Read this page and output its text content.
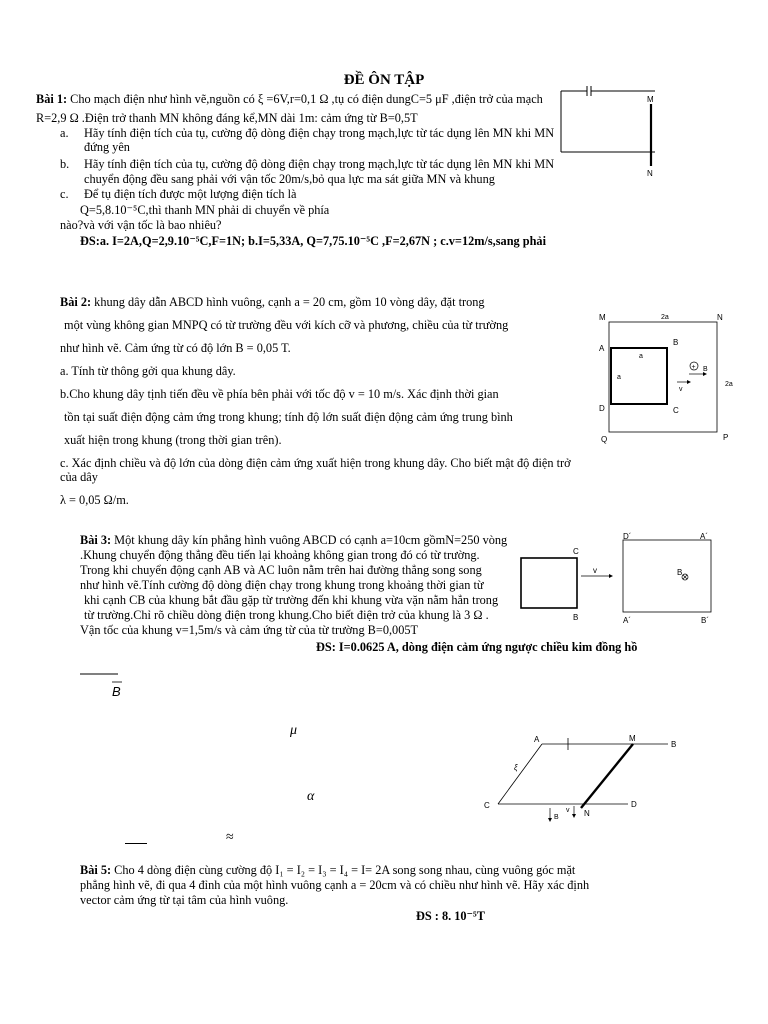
ĐỀ ÔN TẬP
Bài 1: Cho mạch điện như hình vẽ,nguồn có ξ =6V,r=0,1 Ω ,tụ có điện dungC=5 μF ,điện trở của mạch
R=2,9 Ω .Điện trở thanh MN không đáng kể,MN dài 1m: cảm ứng từ B=0,5T
a. Hãy tính điện tích của tụ, cường độ dòng điện chạy trong mạch,lực từ tác dụng lên MN khi MN
đứng yên
b. Hãy tính điện tích của tụ, cường độ dòng điện chạy trong mạch,lực từ tác dụng lên MN khi MN
chuyển động đều sang phải với vận tốc 20m/s,bỏ qua lực ma sát giữa MN và khung
c. Để tụ điện tích được một lượng điện tích là
Q=5,8.10⁻⁵C,thì thanh MN phải di chuyển về phía
nào?và với vận tốc là bao nhiêu?
ĐS:a. I=2A,Q=2,9.10⁻⁵C,F=1N; b.I=5,33A, Q=7,75.10⁻⁵C ,F=2,67N ; c.v=12m/s,sang phải
M
N
Bài 2: khung dây dẫn ABCD hình vuông, cạnh a = 20 cm, gồm 10 vòng dây, đặt trong
một vùng không gian MNPQ có từ trường đều với kích cỡ và phương, chiều của từ trường
như hình vẽ. Cảm ứng từ có độ lớn B = 0,05 T.
a. Tính từ thông gởi qua khung dây.
b.Cho khung dây tịnh tiến đều về phía bên phải với tốc độ v = 10 m/s. Xác định thời gian
tồn tại suất điện động cảm ứng trong khung; tính độ lớn suất điện động cảm ứng trung bình
xuất hiện trong khung (trong thời gian trên).
c. Xác định chiều và độ lớn của dòng điện cảm ứng xuất hiện trong khung dây. Cho biết mật độ điện trở
của dây
λ = 0,05 Ω/m.
M	N
P
Q
2a
2a
A
B
C
D
a
a
+ B
v
Bài 3: Một khung dây kín phẳng hình vuông ABCD có cạnh a=10cm gồmN=250 vòng
.Khung chuyển động thẳng đều tiến lại khoảng không gian trong đó có từ trường.
Trong khi chuyển động cạnh AB và AC luôn nằm trên hai đường thẳng song song
như hình vẽ.Tính cường độ dòng điện chạy trong khung trong khoảng thời gian từ
khi cạnh CB của khung bắt đầu gặp từ trường đến khi khung vừa vặn nằm hẳn trong
từ trường.Chỉ rõ chiều dòng điện trong khung.Cho biết điện trở của khung là 3 Ω .
Vận tốc của khung v=1,5m/s và cảm ứng từ của từ trường B=0,005T
ĐS: I=0.0625 A, dòng điện cảm ứng ngược chiều kim đồng hồ
v
D´	A´
B´
A´
C
B
B
B
μ
α
≈
A	M
B
C
N
D
ξ
B
v
Bài 5: Cho 4 dòng điện cùng cường độ I₁ = I₂ = I₃ = I₄ = I= 2A song song nhau, cùng vuông góc mặt
phẳng hình vẽ, đi qua 4 đỉnh của một hình vuông cạnh a = 20cm và có chiều như hình vẽ. Hãy xác định
vector cảm ứng từ tại tâm của hình vuông.
ĐS : 8. 10⁻⁵T
